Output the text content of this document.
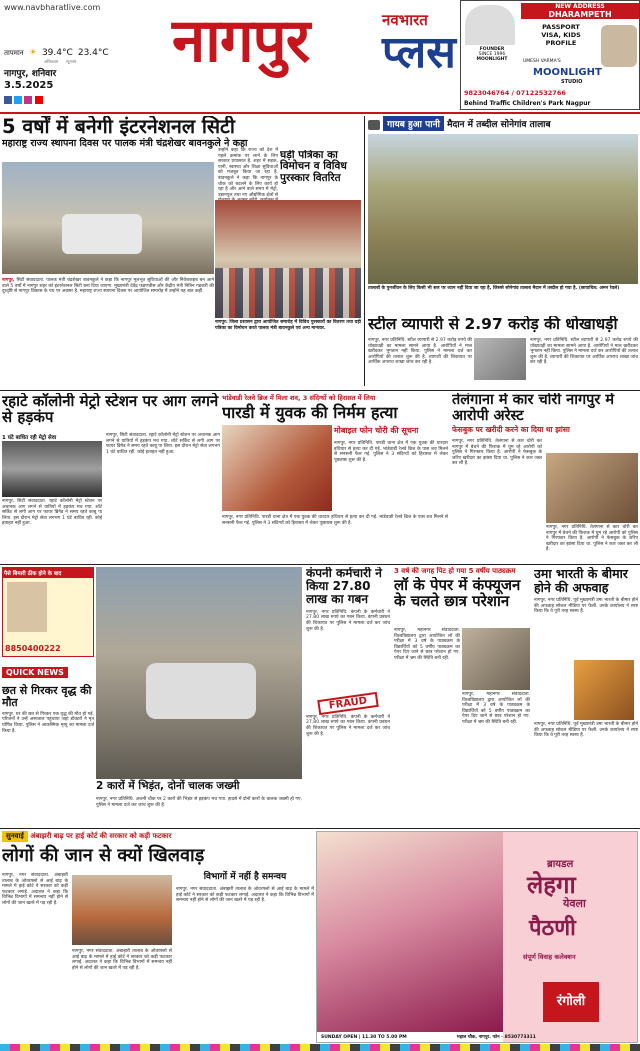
www.navbharatlive.com
तापमान ☀ 39.4°C 23.4°C
अधिकतम न्यूनतम
नागपुर, शनिवार
3.5.2025

नागपुर	नवभारत
प्लस
NEW ADDRESS
DHARAMPETH
FOUNDER
SINCE 1996
MOONLIGHT
PASSPORT
VISA, KIDS
PROFILE
UMESH VARMA'S
MOONLIGHT
STUDIO
9823046764 / 07122532766
Behind Traffic Children's Park Nagpur
5 वर्षों में बनेगी इंटरनेशनल सिटी
महाराष्ट्र राज्य स्थापना दिवस पर पालक मंत्री चंद्रशेखर बावनकुले ने कहा
नागपुर, सिटी संवाददाता. पालक मंत्री चंद्रशेखर बावनकुले ने कहा कि नागपुर मूलभूत सुविधाओं की और निवेशकहब बन आने वाले 5 वर्षों में नागपुर शहर को इंटरनेशनल सिटी बना दिया जाएगा. मुख्यमंत्री देवेंद्र फडणवीस और केंद्रीय मंत्री नितिन गडकरी की दूरदृष्टि से नागपुर विकास के पथ पर अग्रसर है. महाराष्ट्र राज्य स्थापना दिवस पर आयोजित समारोह में उन्होंने यह बात कही.
उन्होंने कहा कि राज्य को देश में पहले क्रमांक पर लाने के लिए सरकार प्रयासरत है. शहर में सड़क, पानी, स्वास्थ्य और शिक्षा सुविधाओं को मजबूत किया जा रहा है. बावनकुले ने कहा कि नागपुर के चौक को बदलने के लिए कार्य हो रहा है और आने वाले समय में मेट्रो, उड़ानपुल तथा नए औद्योगिक क्षेत्रों से
घड़ी पत्रिका का विमोचन व विविध पुरस्कार वितरित
नागपुर: जिला प्रशासन द्वारा आयोजित समारोह में विविध पुरस्कारों का वितरण तथा घड़ी पत्रिका का विमोचन करते पालक मंत्री बावनकुले एवं अन्य मान्यवर.
गायब हुआ पानी मैदान में तब्दील सोनेगांव तालाब
तालाबों के पुनर्जीवन के लिए किसी भी स्तर पर ध्यान नहीं दिया जा रहा है, जिससे सोनेगांव तालाब मैदान में तब्दील हो गया है. (छायाचित्र: अमन रेवले)
स्टील व्यापारी से 2.97 करोड़ की धोखाधड़ी
नागपुर, नगर प्रतिनिधि. स्टील व्यापारी से 2.97 करोड़ रुपये की धोखाधड़ी का मामला सामने आया है. आरोपियों ने माल खरीदकर भुगतान नहीं किया. पुलिस ने मामला दर्ज कर आरोपियों की तलाश शुरू की है. व्यापारी की शिकायत पर आर्थिक अपराध शाखा जांच कर रही है.
नागपुर, नगर प्रतिनिधि. स्टील व्यापारी से 2.97 करोड़ रुपये की धोखाधड़ी का मामला सामने आया है. आरोपियों ने माल खरीदकर भुगतान नहीं किया. पुलिस ने मामला दर्ज कर आरोपियों की तलाश शुरू की है. व्यापारी की शिकायत पर आर्थिक अपराध शाखा जांच कर रही है.
रहाटे कॉलोनी मेट्रो स्टेशन पर आग लगने से हड़कंप
1 घंटे बाधित रही मेट्रो सेवा
नागपुर, सिटी संवाददाता. रहाटे कॉलोनी मेट्रो स्टेशन पर अचानक आग लगने से यात्रियों में हड़कंप मच गया. शॉर्ट सर्किट से लगी आग पर फायर ब्रिगेड ने समय रहते काबू पा लिया. इस दौरान मेट्रो सेवा लगभग 1 घंटे बाधित रही. कोई हताहत नहीं हुआ.
नागपुर, सिटी संवाददाता. रहाटे कॉलोनी मेट्रो स्टेशन पर अचानक आग लगने से यात्रियों में हड़कंप मच गया. शॉर्ट सर्किट से लगी आग पर फायर ब्रिगेड ने समय रहते काबू पा लिया. इस दौरान मेट्रो सेवा लगभग 1 घंटे बाधित रही. कोई हताहत नहीं हुआ.
भांडेवाडी रेलवे ब्रिज में मिला शव, 3 संदिग्धों को हिरासत में लिया
पारडी में युवक की निर्मम हत्या
मोबाइल फोन चोरी की सूचना
नागपुर, नगर प्रतिनिधि. पारडी थाना क्षेत्र में एक युवक की धारदार हथियार से हत्या कर दी गई. भांडेवाडी रेलवे ब्रिज के पास शव मिलने से सनसनी फैल गई. पुलिस ने 3 संदिग्धों को हिरासत में लेकर पूछताछ शुरू की है.
नागपुर, नगर प्रतिनिधि. पारडी थाना क्षेत्र में एक युवक की धारदार हथियार से हत्या कर दी गई. भांडेवाडी रेलवे ब्रिज के पास शव मिलने से सनसनी फैल गई. पुलिस ने 3 संदिग्धों को हिरासत में लेकर पूछताछ शुरू की है.
तेलंगाना में कार चोरी नागपुर में आरोपी अरेस्ट
फेसबुक पर खरीदी करने का दिया था झांसा
नागपुर, नगर प्रतिनिधि. तेलंगाना से कार चोरी कर नागपुर में बेचने की फिराक में घूम रहे आरोपी को पुलिस ने गिरफ्तार किया है. आरोपी ने फेसबुक के जरिए खरीदार का झांसा दिया था. पुलिस ने कार जब्त कर ली है.
नागपुर, नगर प्रतिनिधि. तेलंगाना से कार चोरी कर नागपुर में बेचने की फिराक में घूम रहे आरोपी को पुलिस ने गिरफ्तार किया है. आरोपी ने फेसबुक के जरिए खरीदार का झांसा दिया था. पुलिस ने कार जब्त कर ली है.
पैसे बिमारी ठीक होने के बाद
8850400222
QUICK NEWS
छत से गिरकर वृद्ध की मौत
नागपुर. घर की छत से गिरकर एक वृद्ध की मौत हो गई. परिजनों ने उन्हें अस्पताल पहुंचाया जहां डॉक्टरों ने मृत घोषित किया. पुलिस ने आकस्मिक मृत्यु का मामला दर्ज किया है.
2 कारों में भिड़ंत, दोनों चालक जख्मी
नागपुर, नगर प्रतिनिधि. अजनी चौक पर 2 कारों की भिड़ंत से हड़कंप मच गया. हादसे में दोनों कारों के चालक जख्मी हो गए. पुलिस ने मामला दर्ज कर जांच शुरू की है.
कंपनी कर्मचारी ने किया 27.80 लाख का गबन
नागपुर, नगर प्रतिनिधि. कंपनी के कर्मचारी ने 27.80 लाख रुपये का गबन किया. कंपनी प्रबंधन की शिकायत पर पुलिस ने मामला दर्ज कर जांच शुरू की है.
FRAUD
नागपुर, नगर प्रतिनिधि. कंपनी के कर्मचारी ने 27.80 लाख रुपये का गबन किया. कंपनी प्रबंधन की शिकायत पर पुलिस ने मामला दर्ज कर जांच शुरू की है.
3 वर्ष की जगह पिट हो गया 5 वर्षीय पाठ्यक्रम
लॉ के पेपर में कंफ्यूजन के चलते छात्र परेशान
नागपुर, महानगर संवाददाता. विश्वविद्यालय द्वारा आयोजित लॉ की परीक्षा में 3 वर्ष के पाठ्यक्रम के विद्यार्थियों को 5 वर्षीय पाठ्यक्रम का पेपर दिए जाने से छात्र परेशान हो गए. परीक्षा में भ्रम की स्थिति बनी रही.
नागपुर, महानगर संवाददाता. विश्वविद्यालय द्वारा आयोजित लॉ की परीक्षा में 3 वर्ष के पाठ्यक्रम के विद्यार्थियों को 5 वर्षीय पाठ्यक्रम का पेपर दिए जाने से छात्र परेशान हो गए. परीक्षा में भ्रम की स्थिति बनी रही.
उमा भारती के बीमार होने की अफवाह
नागपुर, नगर प्रतिनिधि. पूर्व मुख्यमंत्री उमा भारती के बीमार होने की अफवाह सोशल मीडिया पर फैली. उनके कार्यालय ने स्पष्ट किया कि वे पूरी तरह स्वस्थ हैं.
नागपुर, नगर प्रतिनिधि. पूर्व मुख्यमंत्री उमा भारती के बीमार होने की अफवाह सोशल मीडिया पर फैली. उनके कार्यालय ने स्पष्ट किया कि वे पूरी तरह स्वस्थ हैं.
सुनवाई अंबाझरी बाढ़ पर हाई कोर्ट की सरकार को कड़ी फटकार
लोगों की जान से क्यों खिलवाड़
नागपुर, नगर संवाददाता. अंबाझरी तालाब के ओवरफ्लो से आई बाढ़ के मामले में हाई कोर्ट ने सरकार को कड़ी फटकार लगाई. अदालत ने कहा कि विभिन्न विभागों में समन्वय नहीं होने से लोगों की जान खतरे में पड़ रही है.
नागपुर, नगर संवाददाता. अंबाझरी तालाब के ओवरफ्लो से आई बाढ़ के मामले में हाई कोर्ट ने सरकार को कड़ी फटकार लगाई. अदालत ने कहा कि विभिन्न विभागों में समन्वय नहीं होने से लोगों की जान खतरे में पड़ रही है.
विभागों में नहीं है समन्वय
नागपुर, नगर संवाददाता. अंबाझरी तालाब के ओवरफ्लो से आई बाढ़ के मामले में हाई कोर्ट ने सरकार को कड़ी फटकार लगाई. अदालत ने कहा कि विभिन्न विभागों में समन्वय नहीं होने से लोगों की जान खतरे में पड़ रही है.
ब्रायडल
लेहगा
येवला
पैठणी
संपूर्ण विवाह कलेक्शन
रंगोली
SUNDAY OPEN | 11.30 TO 5.00 PM	महाल चौक, नागपुर. फोन - 8530773311
